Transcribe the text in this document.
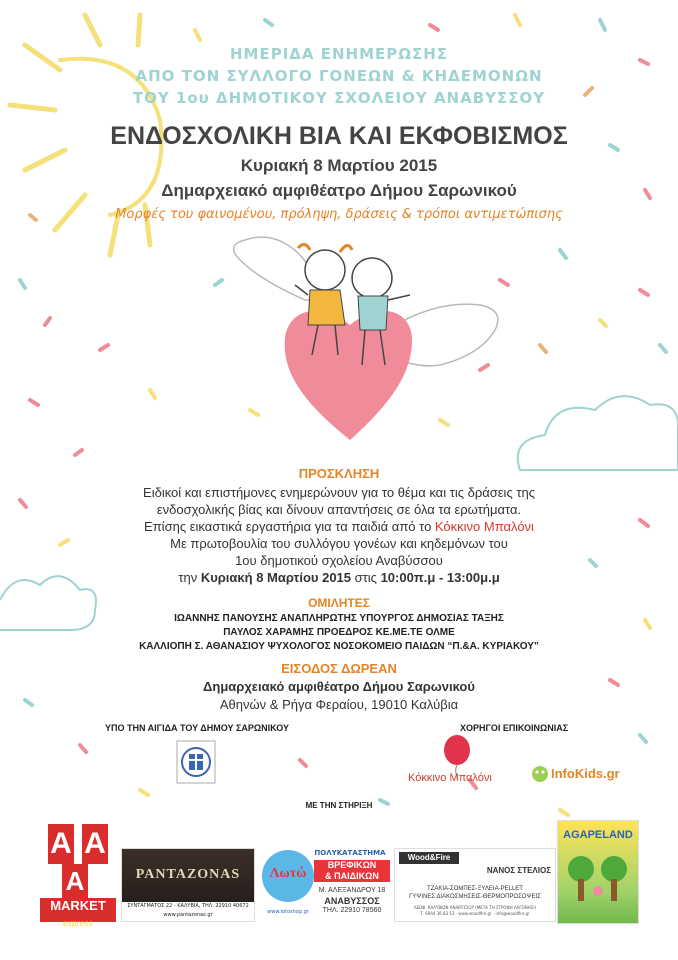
ΗΜΕΡΙΔΑ ΕΝΗΜΕΡΩΣΗΣ
ΑΠΟ ΤΟΝ ΣΥΛΛΟΓΟ ΓΟΝΕΩΝ & ΚΗΔΕΜΟΝΩΝ
ΤΟΥ 1ου ΔΗΜΟΤΙΚΟΥ ΣΧΟΛΕΙΟΥ ΑΝΑΒΥΣΣΟΥ
ΕΝΔΟΣΧΟΛΙΚΗ ΒΙΑ ΚΑΙ ΕΚΦΟΒΙΣΜΟΣ
Κυριακή 8 Μαρτίου 2015
Δημαρχειακό αμφιθέατρο Δήμου Σαρωνικού
Μορφές του φαινομένου, πρόληψη, δράσεις & τρόποι αντιμετώπισης
ΠΡΟΣΚΛΗΣΗ
Ειδικοί και επιστήμονες ενημερώνουν για το θέμα και τις δράσεις της
ενδοσχολικής βίας και δίνουν απαντήσεις σε όλα τα ερωτήματα.
Επίσης εικαστικά εργαστήρια για τα παιδιά από το Κόκκινο Μπαλόνι
Με πρωτοβουλία του συλλόγου γονέων και κηδεμόνων του
1ου δημοτικού σχολείου Αναβύσσου
την Κυριακή 8 Μαρτίου 2015 στις 10:00π.μ - 13:00μ.μ
ΟΜΙΛΗΤΕΣ
ΙΩΑΝΝΗΣ ΠΑΝΟΥΣΗΣ ΑΝΑΠΛΗΡΩΤΗΣ ΥΠΟΥΡΓΟΣ ΔΗΜΟΣΙΑΣ ΤΑΞΗΣ
ΠΑΥΛΟΣ ΧΑΡΑΜΗΣ ΠΡΟΕΔΡΟΣ ΚΕ.ΜΕ.ΤΕ ΟΛΜΕ
ΚΑΛΛΙΟΠΗ Σ. ΑΘΑΝΑΣΙΟΥ ΨΥΧΟΛΟΓΟΣ ΝΟΣΟΚΟΜΕΙΟ ΠΑΙΔΩΝ “Π.&Α. ΚΥΡΙΑΚΟΥ”
ΕΙΣΟΔΟΣ ΔΩΡΕΑΝ
Δημαρχειακό αμφιθέατρο Δήμου Σαρωνικού
Αθηνών & Ρήγα Φεραίου, 19010 Καλύβια
ΥΠΟ ΤΗΝ ΑΙΓΙΔΑ ΤΟΥ ΔΗΜΟΥ ΣΑΡΩΝΙΚΟΥ	ΧΟΡΗΓΟΙ ΕΠΙΚΟΙΝΩΝΙΑΣ
Κόκκινο Μπαλόνι	InfoKids.gr
ΜΕ ΤΗΝ ΣΤΗΡΙΞΗ
Α Α
Α
MARKET
express
PANTAZONAS
ΣΥΝΤΑΓΜΑΤΟΣ 22 - ΚΑΛΥΒΙΑ, ΤΗΛ. 22910 40672
www.pantazonas.gr
Λωτώ
www.lotoshop.gr
ΠΟΛΥΚΑΤΑΣΤΗΜΑ
ΒΡΕΦΙΚΩΝ
& ΠΑΙΔΙΚΩΝ
Μ. ΑΛΕΞΑΝΔΡΟΥ 18
ΑΝΑΒΥΣΣΟΣ
ΤΗΛ. 22910 78560
Wood&Fire
ΝΑΝΟΣ ΣΤΕΛΙΟΣ
ΤΖΑΚΙΑ-ΣΟΜΠΕΣ-ΞΥΛΕΙΑ-PELLET
ΓΥΨΙΝΕΣ ΔΙΑΚΟΣΜΗΣΕΙΣ-ΘΕΡΜΟΠΡΟΣΟΨΕΙΣ
ΛΕΩΦ. ΚΑΛΥΒΙΩΝ ΑΝΑΒΥΣΣΟΥ (ΜΕΤΑ ΤΗ ΣΤΡΟΦΗ ΛΑΓΟΝΗΣΙ)
Τ. 6944 36 83 53 · www.woodfire.gr · info@woodfire.gr
AGAPELAND
